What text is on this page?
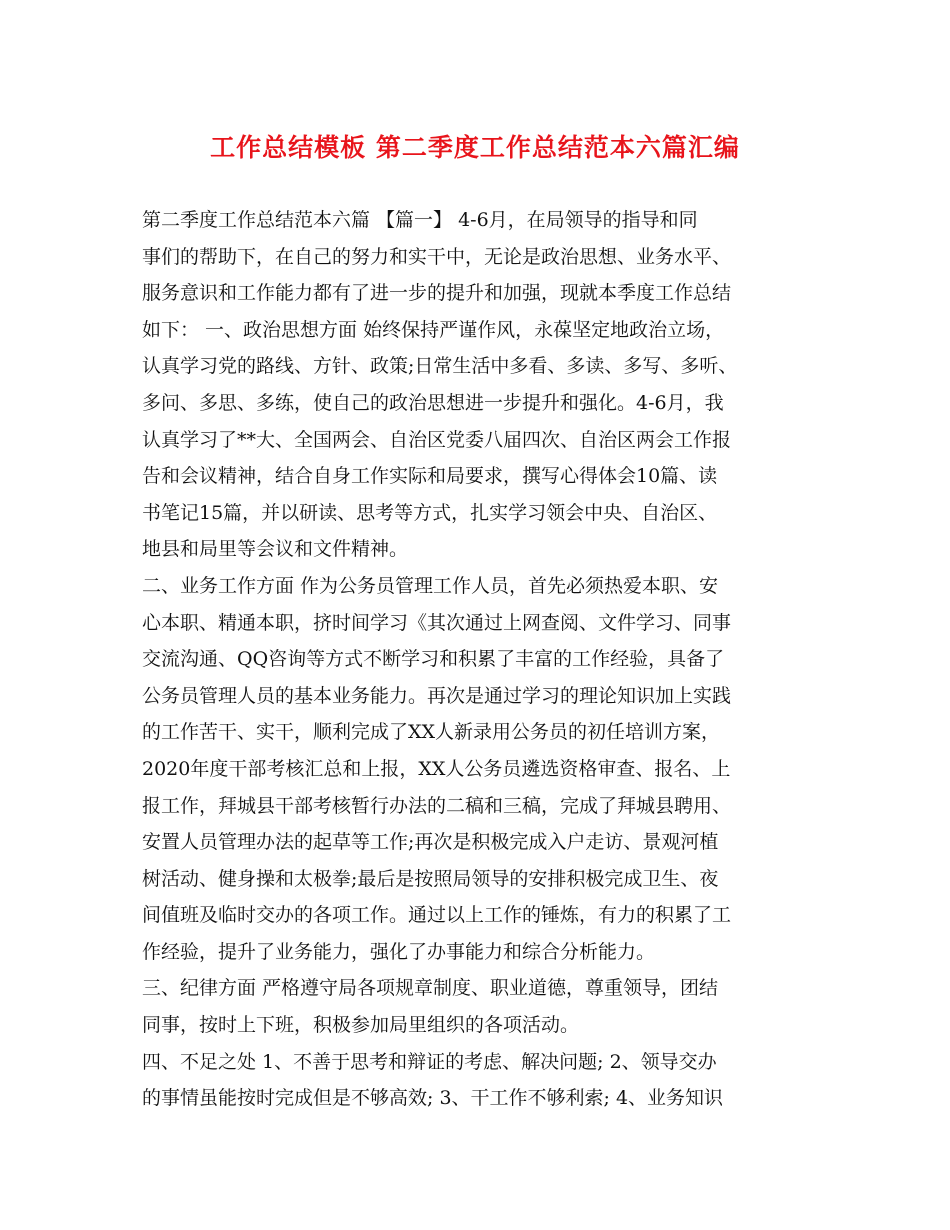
工作总结模板 第二季度工作总结范本六篇汇编
第二季度工作总结范本六篇 【篇一】 4-6月，在局领导的指导和同
事们的帮助下，在自己的努力和实干中，无论是政治思想、业务水平、
服务意识和工作能力都有了进一步的提升和加强，现就本季度工作总结
如下： 一、政治思想方面 始终保持严谨作风，永葆坚定地政治立场，
认真学习党的路线、方针、政策;日常生活中多看、多读、多写、多听、
多问、多思、多练，使自己的政治思想进一步提升和强化。4-6月，我
认真学习了**大、全国两会、自治区党委八届四次、自治区两会工作报
告和会议精神，结合自身工作实际和局要求，撰写心得体会10篇、读
书笔记15篇，并以研读、思考等方式，扎实学习领会中央、自治区、
地县和局里等会议和文件精神。
二、业务工作方面 作为公务员管理工作人员，首先必须热爱本职、安
心本职、精通本职，挤时间学习《其次通过上网查阅、文件学习、同事
交流沟通、QQ咨询等方式不断学习和积累了丰富的工作经验，具备了
公务员管理人员的基本业务能力。再次是通过学习的理论知识加上实践
的工作苦干、实干，顺利完成了XX人新录用公务员的初任培训方案，
2020年度干部考核汇总和上报，XX人公务员遴选资格审查、报名、上
报工作，拜城县干部考核暂行办法的二稿和三稿，完成了拜城县聘用、
安置人员管理办法的起草等工作;再次是积极完成入户走访、景观河植
树活动、健身操和太极拳;最后是按照局领导的安排积极完成卫生、夜
间值班及临时交办的各项工作。通过以上工作的锤炼，有力的积累了工
作经验，提升了业务能力，强化了办事能力和综合分析能力。
三、纪律方面 严格遵守局各项规章制度、职业道德，尊重领导，团结
同事，按时上下班，积极参加局里组织的各项活动。
四、不足之处 1、不善于思考和辩证的考虑、解决问题; 2、领导交办
的事情虽能按时完成但是不够高效; 3、干工作不够利索; 4、业务知识
